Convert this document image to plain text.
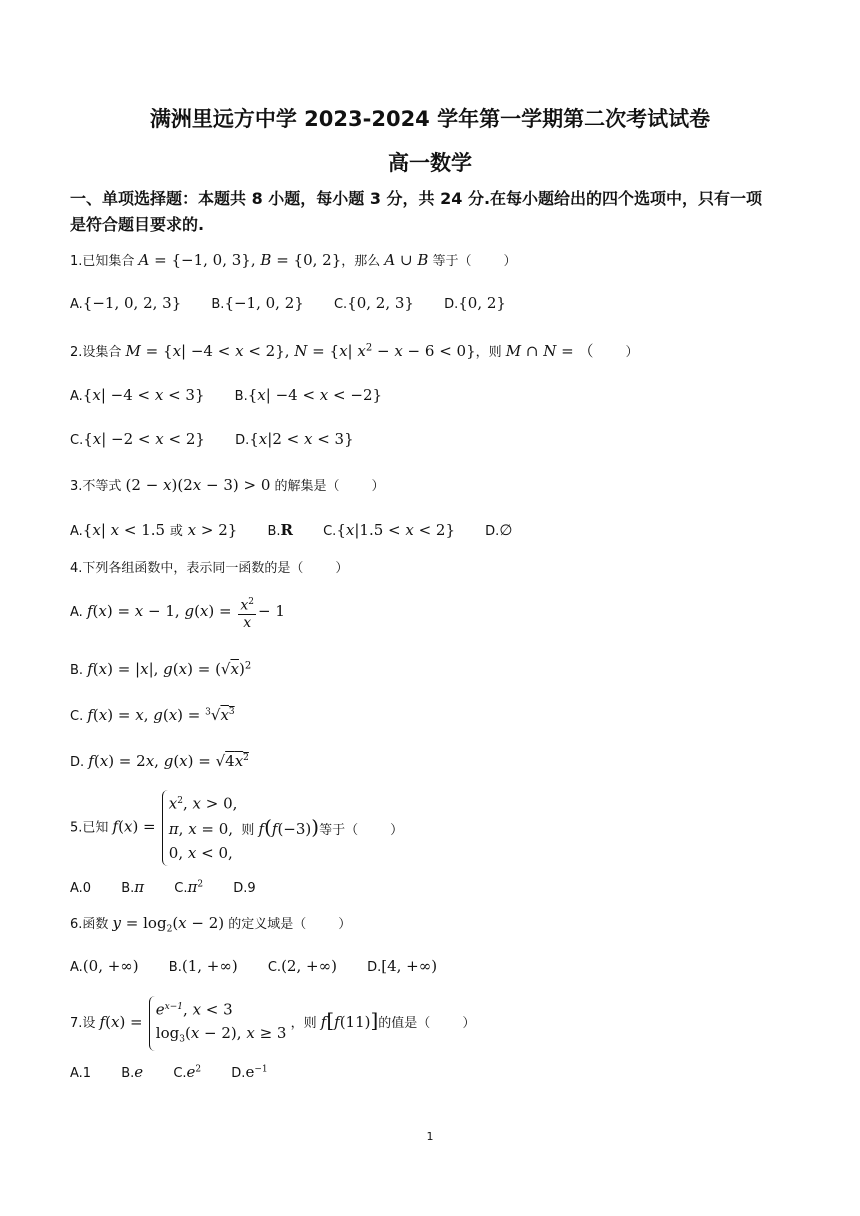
满洲里远方中学 2023-2024 学年第一学期第二次考试试卷
高一数学
一、单项选择题：本题共 8 小题，每小题 3 分，共 24 分.在每小题给出的四个选项中，只有一项
是符合题目要求的.
1.已知集合 A = {−1, 0, 3}, B = {0, 2}，那么 A ∪ B 等于（ ）
A.{−1, 0, 2, 3} B.{−1, 0, 2} C.{0, 2, 3} D.{0, 2}
2.设集合 M = {x| −4 < x < 2}, N = {x| $x^2 - x - 6 < 0$}，则 M ∩ N = （ ）
A.{x| −4 < x < 3} B.{x| −4 < x < −2}
C.{x| −2 < x < 2} D.{x|2 < x < 3}
3.不等式 (2 − x)(2x − 3) > 0 的解集是（ ）
A.{x| x < 1.5 或 x > 2} B.R C.{x|1.5 < x < 2} D.∅
4.下列各组函数中，表示同一函数的是（ ）
A. f(x) = x − 1, $g(x) = \frac{x^2}{x} - 1$
B. f(x) = |x|, $g(x) = (√x)^2$
C. f(x) = x, $g(x) = ^3√x^3$
D. f(x) = 2x, $g(x) = √4x^2$
5.已知 f(x) =
$x^2$, x > 0,
π, x = 0, 则 f(f(−3))等于（ ）
0, x < 0,
A.0 B.π $C.\pi^2$ D.9
6.函数 $y = \log_2(x - 2)$ 的定义域是（ ）
A.(0, +∞) B.(1, +∞) C.(2, +∞) D.[4, +∞)
7.设 f(x) =
$e^{x-1}$, x < 3
$\log_3(x - 2)$, x ≥ 3
，则 f[f(11)]的值是（ ）
A.1 B.e $C.e^2$ $D.e^{-1}$
1
